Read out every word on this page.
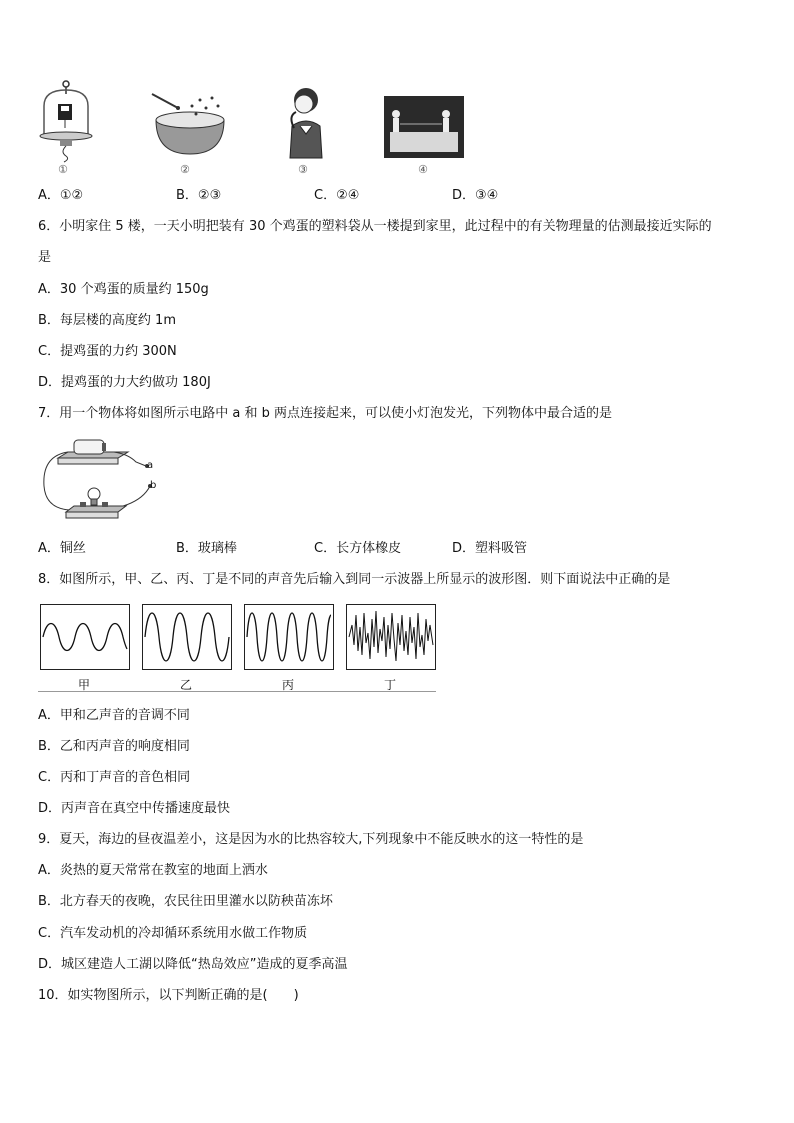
①	②	③	④
A．①②	B．②③	C．②④	D．③④
6．小明家住 5 楼，一天小明把装有 30 个鸡蛋的塑料袋从一楼提到家里，此过程中的有关物理量的估测最接近实际的
是
A．30 个鸡蛋的质量约 150g
B．每层楼的高度约 1m
C．提鸡蛋的力约 300N
D．提鸡蛋的力大约做功 180J
7．用一个物体将如图所示电路中 a 和 b 两点连接起来，可以使小灯泡发光，下列物体中最合适的是
a
b
A．铜丝	B．玻璃棒	C．长方体橡皮	D．塑料吸管
8．如图所示，甲、乙、丙、丁是不同的声音先后输入到同一示波器上所显示的波形图．则下面说法中正确的是
甲	乙	丙	丁
A．甲和乙声音的音调不同
B．乙和丙声音的响度相同
C．丙和丁声音的音色相同
D．丙声音在真空中传播速度最快
9．夏天，海边的昼夜温差小，这是因为水的比热容较大,下列现象中不能反映水的这一特性的是
A．炎热的夏天常常在教室的地面上洒水
B．北方春天的夜晚，农民往田里灌水以防秧苗冻坏
C．汽车发动机的冷却循环系统用水做工作物质
D．城区建造人工湖以降低“热岛效应”造成的夏季高温
10．如实物图所示，以下判断正确的是(　　)
